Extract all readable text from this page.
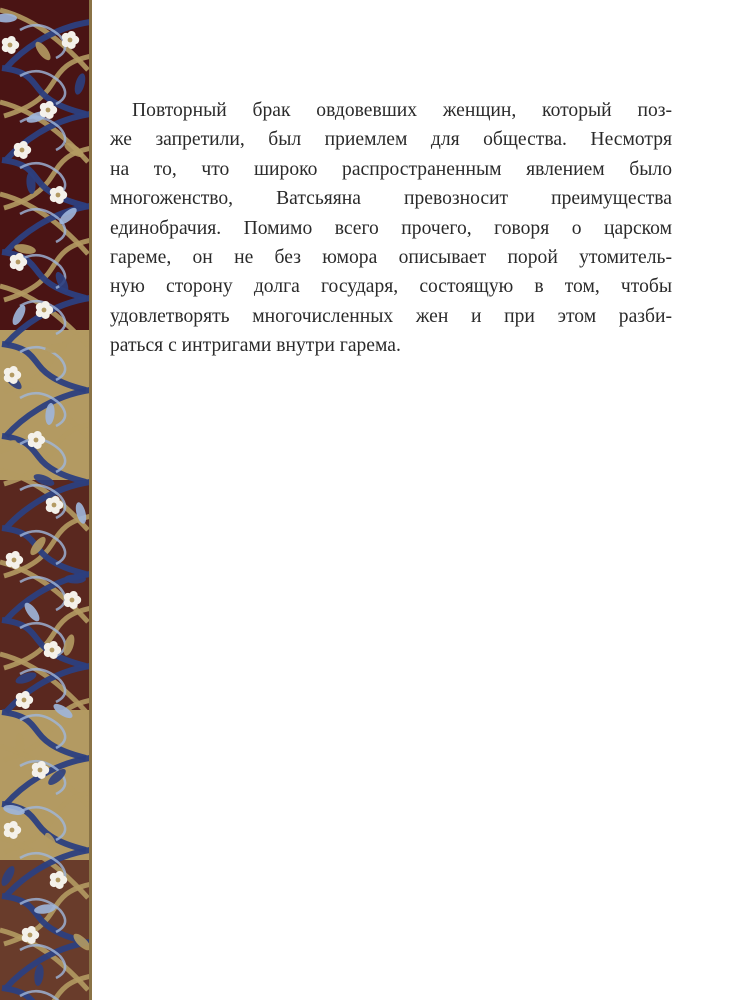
Повторный брак овдовевших женщин, который поз-
же запретили, был приемлем для общества. Несмотря
на то, что широко распространенным явлением было
многоженство, Ватсьяяна превозносит преимущества
единобрачия. Помимо всего прочего, говоря о царском
гареме, он не без юмора описывает порой утомитель-
ную сторону долга государя, состоящую в том, чтобы
удовлетворять многочисленных жен и при этом разби-
раться с интригами внутри гарема.
